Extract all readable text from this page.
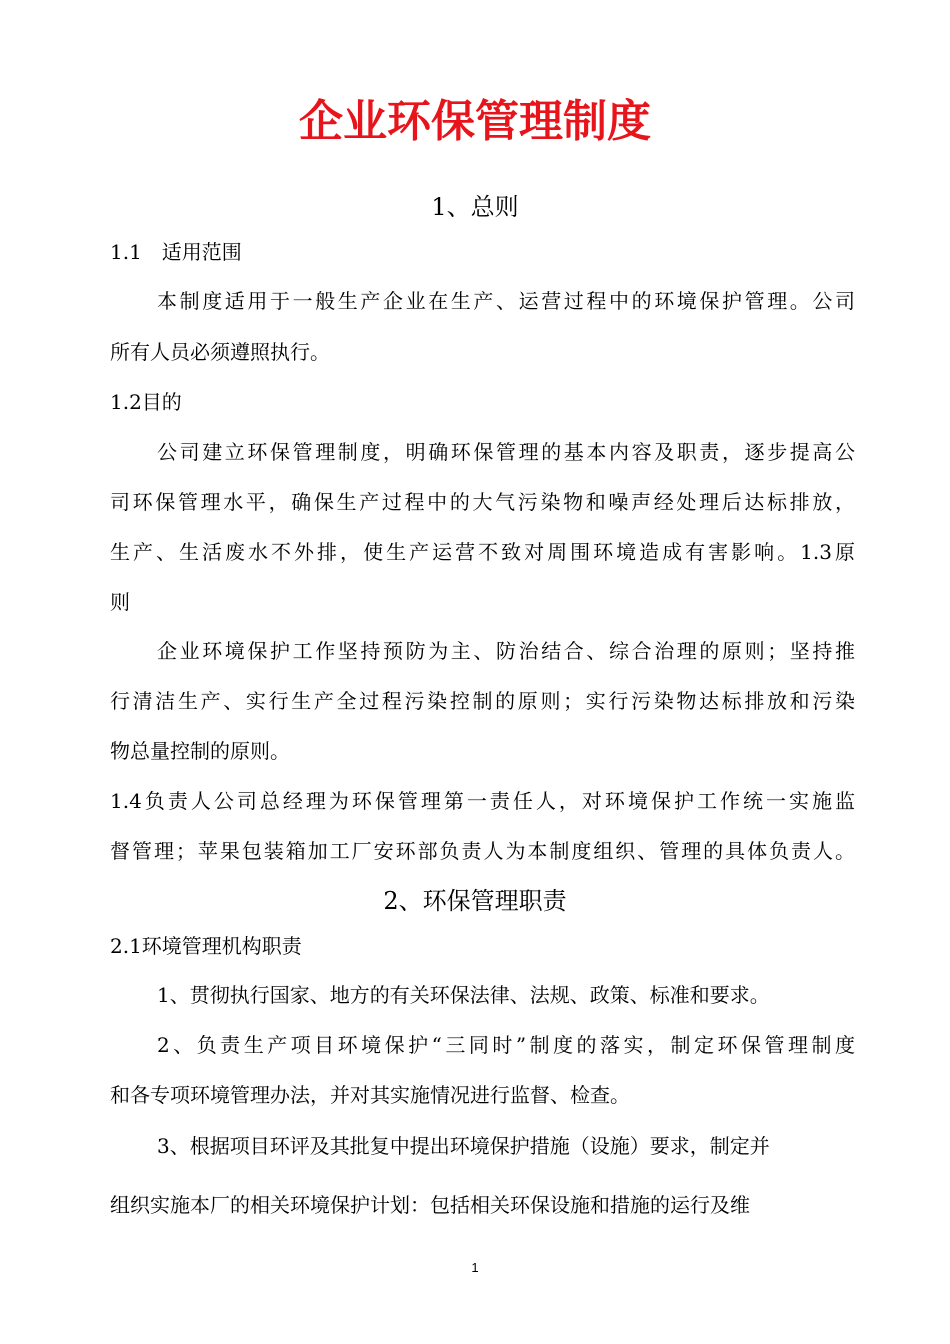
企业环保管理制度
1、总则
1.1　适用范围
本制度适用于一般生产企业在生产、运营过程中的环境保护管理。公司
所有人员必须遵照执行。
1.2目的
公司建立环保管理制度，明确环保管理的基本内容及职责，逐步提高公
司环保管理水平，确保生产过程中的大气污染物和噪声经处理后达标排放，
生产、生活废水不外排，使生产运营不致对周围环境造成有害影响。1.3原
则
企业环境保护工作坚持预防为主、防治结合、综合治理的原则；坚持推
行清洁生产、实行生产全过程污染控制的原则；实行污染物达标排放和污染
物总量控制的原则。
1.4负责人公司总经理为环保管理第一责任人，对环境保护工作统一实施监
督管理；苹果包装箱加工厂安环部负责人为本制度组织、管理的具体负责人。
2、环保管理职责
2.1环境管理机构职责
1、贯彻执行国家、地方的有关环保法律、法规、政策、标准和要求。
2、负责生产项目环境保护“三同时”制度的落实，制定环保管理制度
和各专项环境管理办法，并对其实施情况进行监督、检查。
3、根据项目环评及其批复中提出环境保护措施（设施）要求，制定并
组织实施本厂的相关环境保护计划：包括相关环保设施和措施的运行及维
1
